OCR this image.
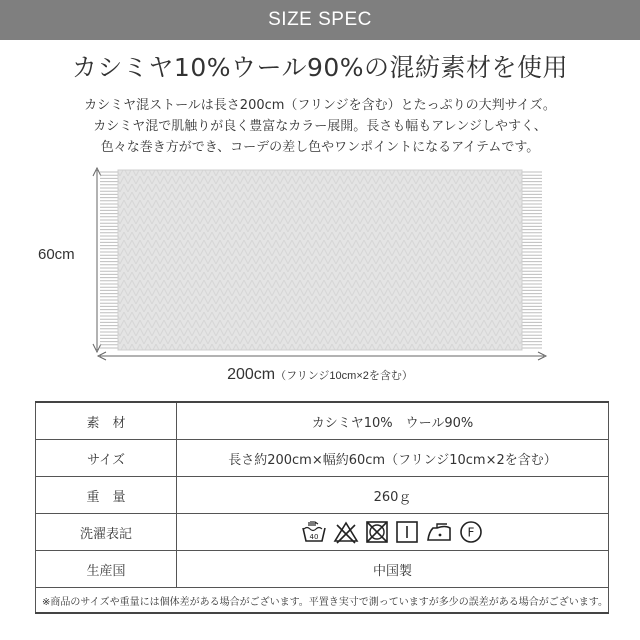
SIZE SPEC
カシミヤ10%ウール90%の混紡素材を使用
カシミヤ混ストールは長さ200cm（フリンジを含む）とたっぷりの大判サイズ。
カシミヤ混で肌触りが良く豊富なカラー展開。長さも幅もアレンジしやすく、
色々な巻き方ができ、コーデの差し色やワンポイントになるアイテムです。
60cm
200cm（フリンジ10cm×2を含む）
素　材	カシミヤ10%　ウール90%
サイズ	長さ約200cm×幅約60cm（フリンジ10cm×2を含む）
重　量	260ｇ
洗濯表記	40 F

生産国	中国製
※商品のサイズや重量には個体差がある場合がございます。平置き実寸で測っていますが多少の誤差がある場合がございます。	
